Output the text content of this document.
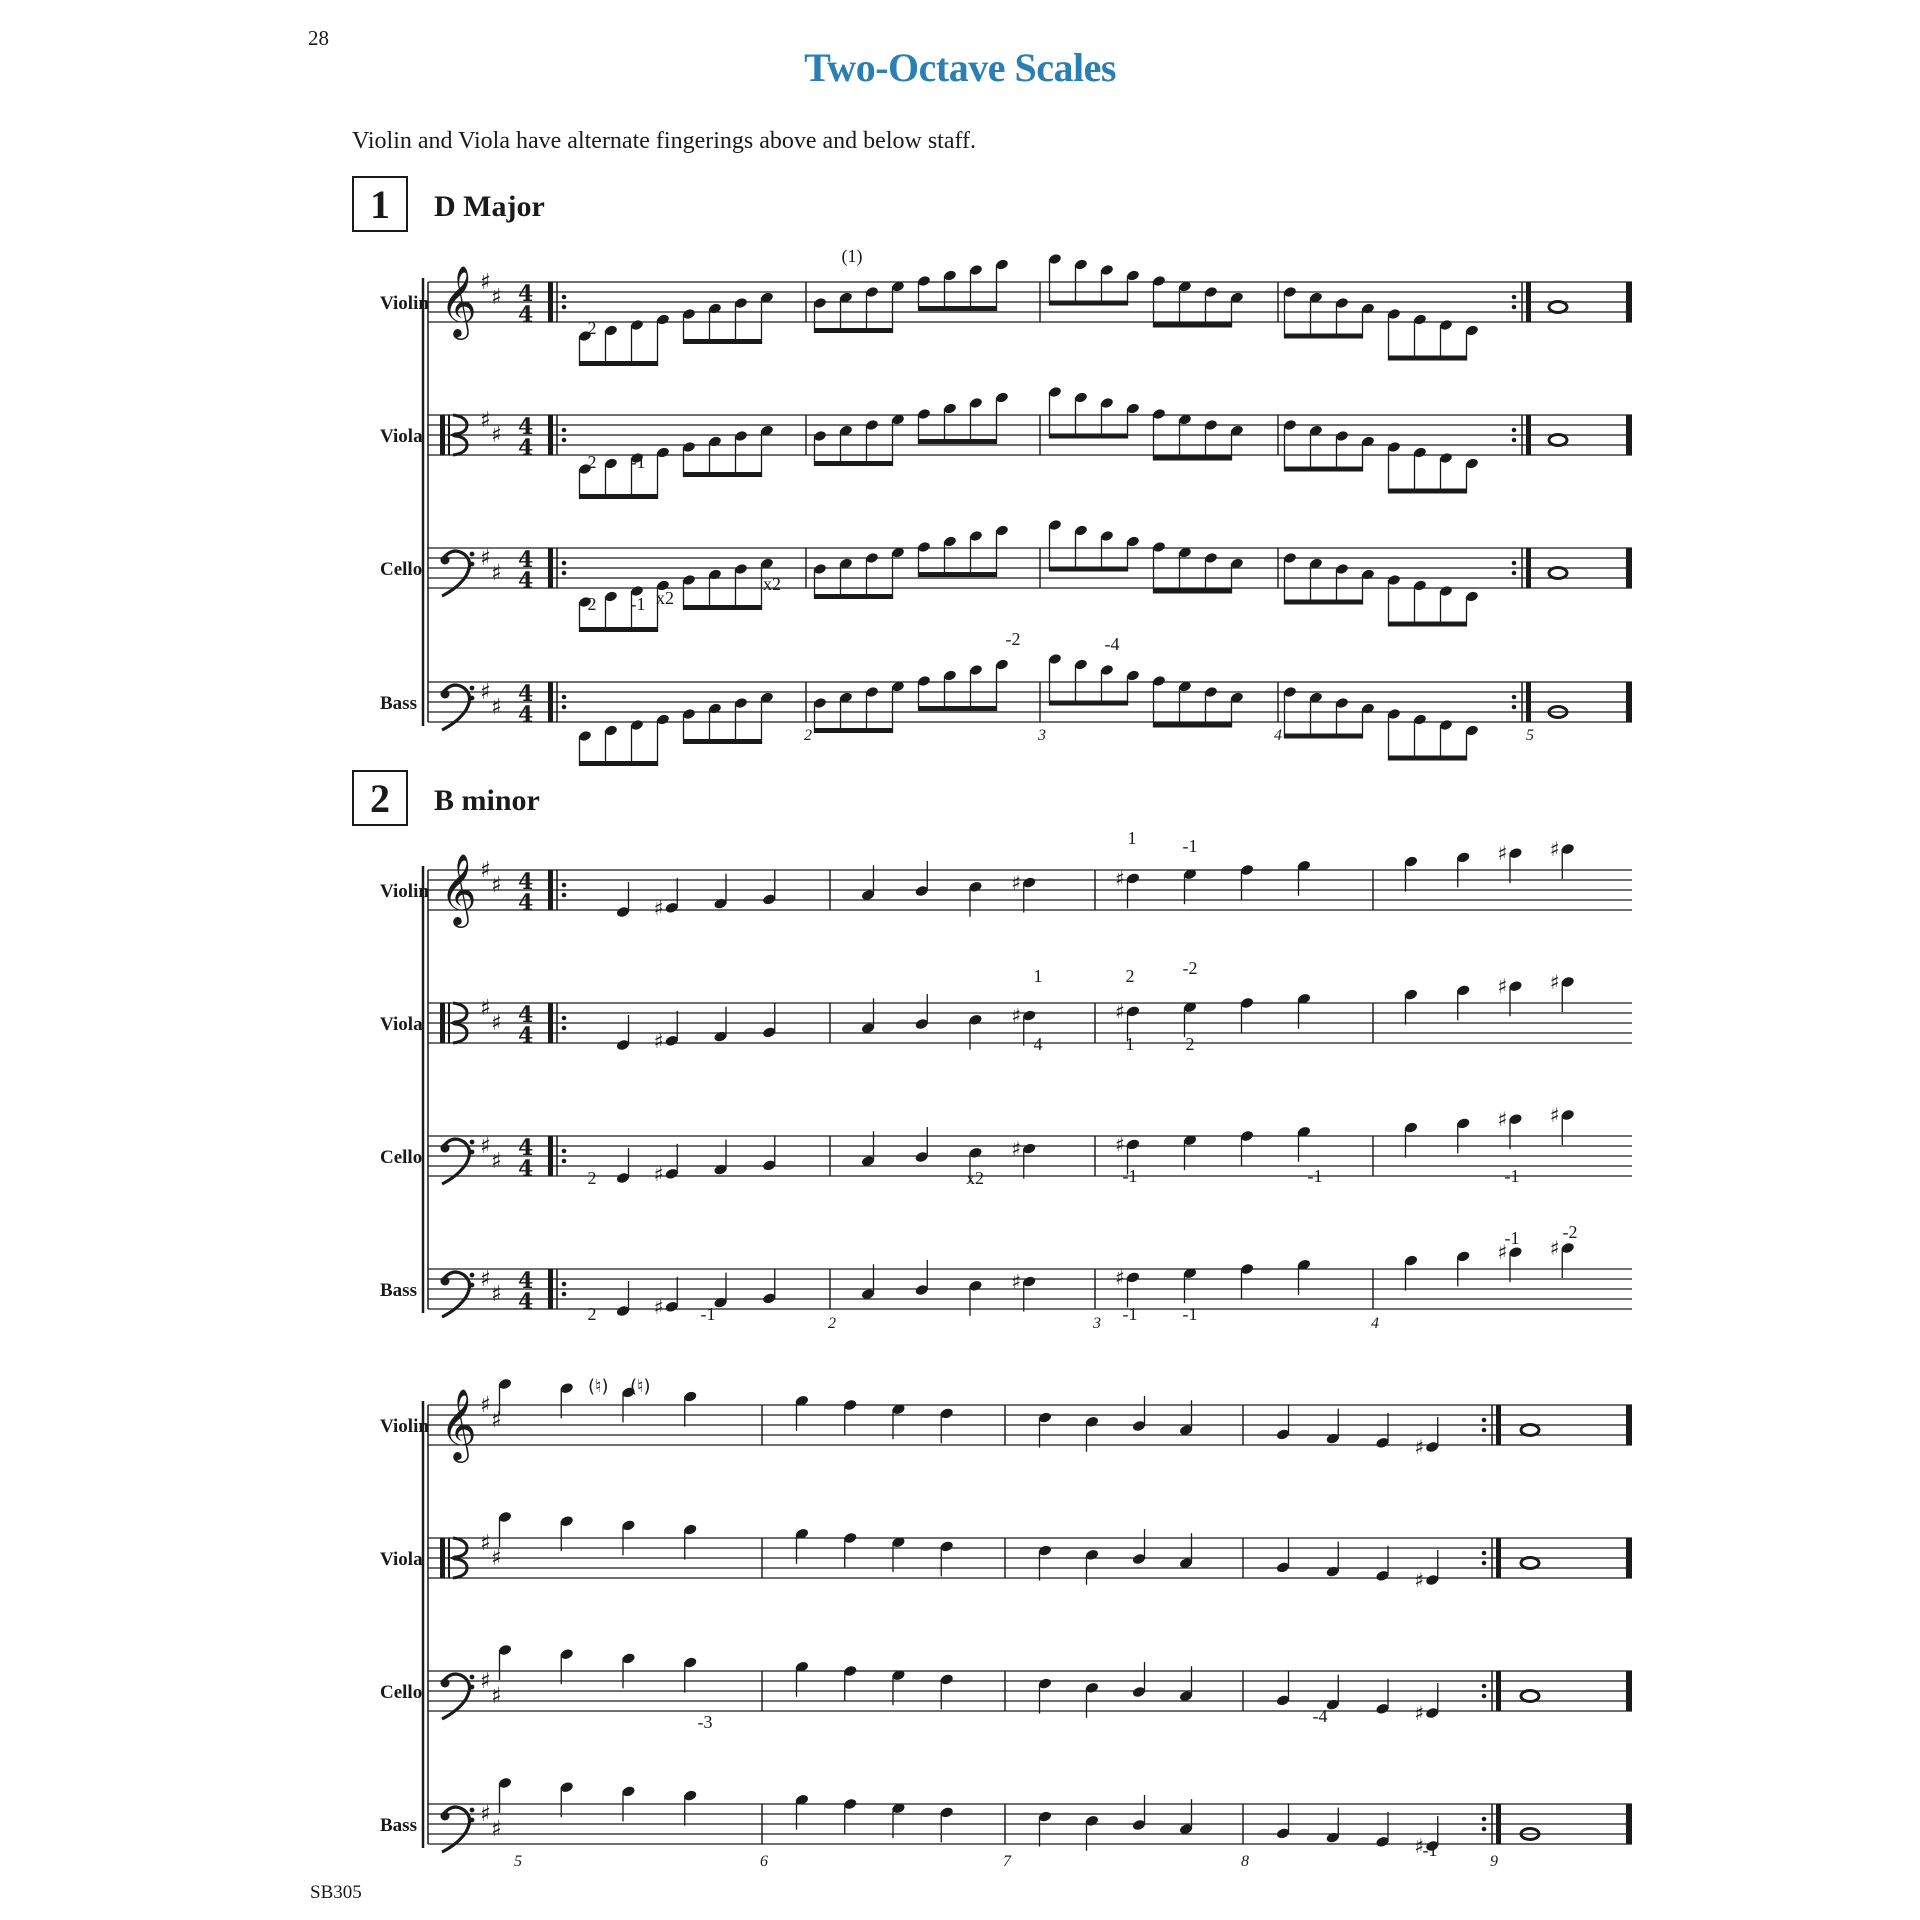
28
Two-Octave Scales
Violin and Viola have alternate fingerings above and below staff.
1	D Major
2	B minor
Violin 𝄞 ♯
♯ 4
4
Viola
♯
♯ 4
4
Cello	♯
♯
4
4
Bass	♯
♯
4
4
Violin 𝄞 ♯
♯ 4
4
Viola
♯
♯ 4
4
Cello	♯
♯
4
4
Bass	♯
♯
4
4
♯
♯	♯
♯ ♯
♯
♯	♯
♯ ♯
♯
♯	♯
♯ ♯
♯
♯	♯
♯ ♯
Violin 𝄞 ♯
♯
Viola
♯
♯
Cello	♯
♯
Bass	♯
♯
♯
♯
♯
♯
(♮) (♮)
2	3	4	5
2	3	4
5	6	7	8	9
2
(1)
2 -1
2 -1 x2
x2
-2	-4
1	-1
1
4
2	-2
1	2
2	x2	-1	-1	-1
2	-1	-1	-1
-1 -2
-3	-4
-1
SB305
